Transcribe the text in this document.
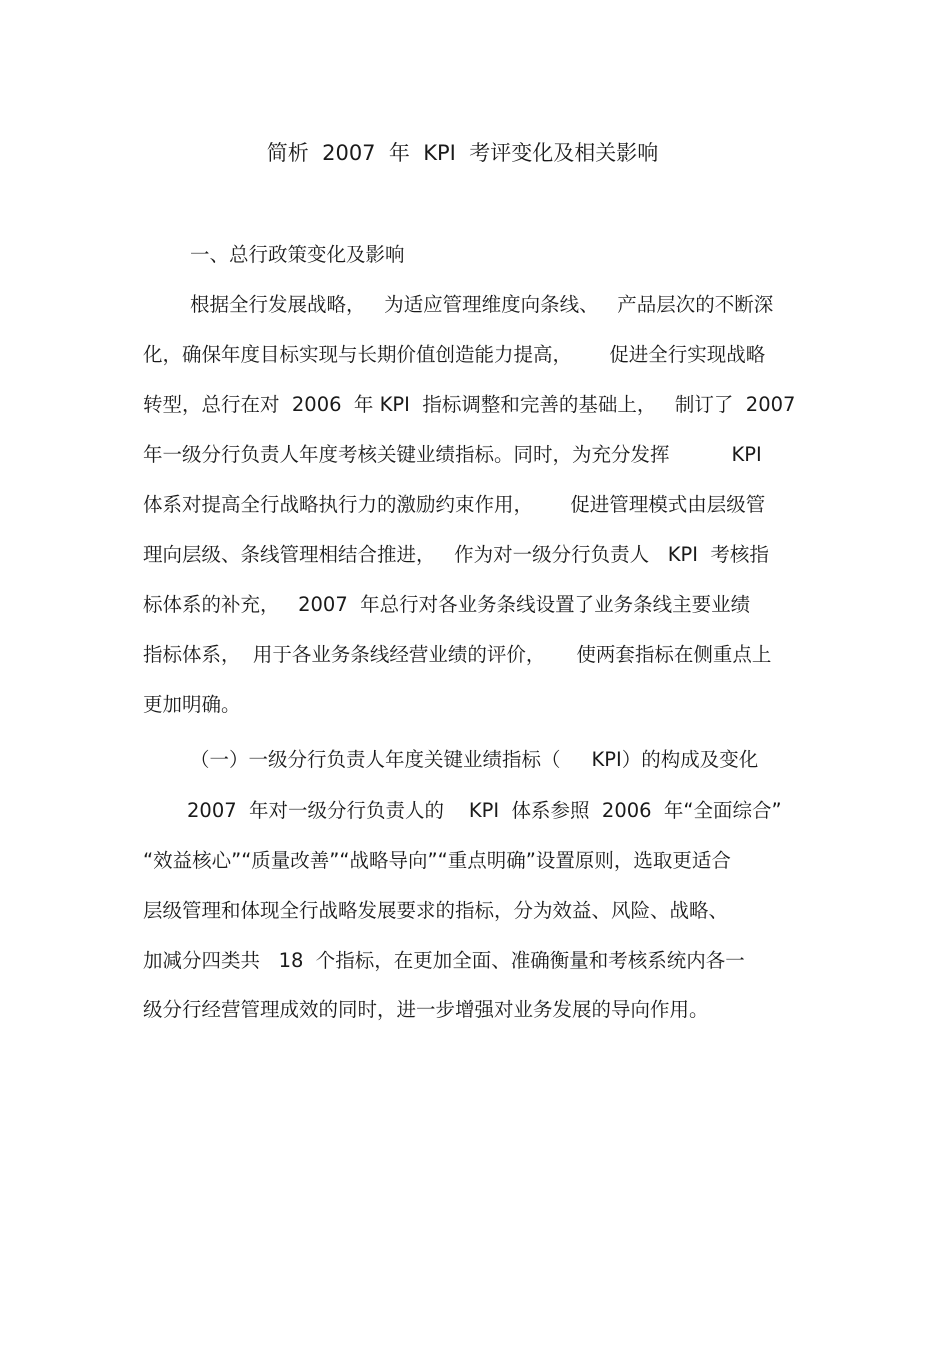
简析  2007  年  KPI  考评变化及相关影响
一、总行政策变化及影响
根据全行发展战略，   为适应管理维度向条线、   产品层次的不断深
化，确保年度目标实现与长期价值创造能力提高，      促进全行实现战略
转型，总行在对  2006  年 KPI  指标调整和完善的基础上，   制订了  2007
年一级分行负责人年度考核关键业绩指标。同时，为充分发挥          KPI
体系对提高全行战略执行力的激励约束作用，      促进管理模式由层级管
理向层级、条线管理相结合推进，   作为对一级分行负责人   KPI  考核指
标体系的补充，   2007  年总行对各业务条线设置了业务条线主要业绩
指标体系，  用于各业务条线经营业绩的评价，     使两套指标在侧重点上
更加明确。
（一）一级分行负责人年度关键业绩指标（     KPI）的构成及变化
2007  年对一级分行负责人的    KPI  体系参照  2006  年“全面综合”
“效益核心”“质量改善”“战略导向”“重点明确”设置原则，选取更适合
层级管理和体现全行战略发展要求的指标，分为效益、风险、战略、
加减分四类共   18  个指标，在更加全面、准确衡量和考核系统内各一
级分行经营管理成效的同时，进一步增强对业务发展的导向作用。
